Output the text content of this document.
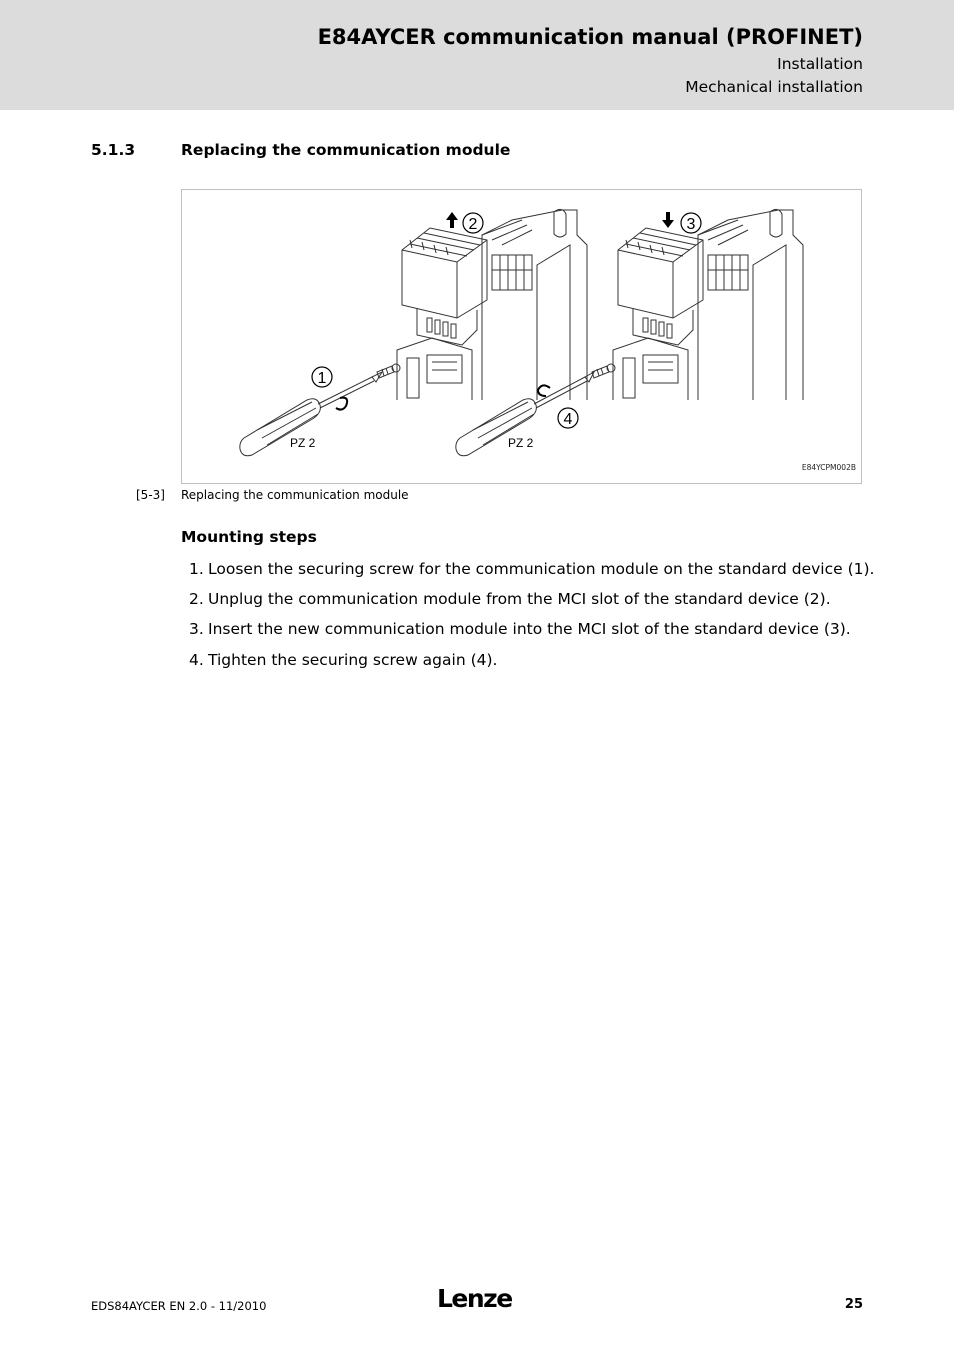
E84AYCER communication manual (PROFINET)
Installation
Mechanical installation
5.1.3	Replacing the communication module
1
2	3
4
PZ 2	PZ 2
E84YCPM002B
[5-3] Replacing the communication module
Mounting steps
1. Loosen the securing screw for the communication module on the standard device (1).
2. Unplug the communication module from the MCI slot of the standard device (2).
3. Insert the new communication module into the MCI slot of the standard device (3).
4. Tighten the securing screw again (4).
EDS84AYCER EN 2.0 - 11/2010	Lenze	25
